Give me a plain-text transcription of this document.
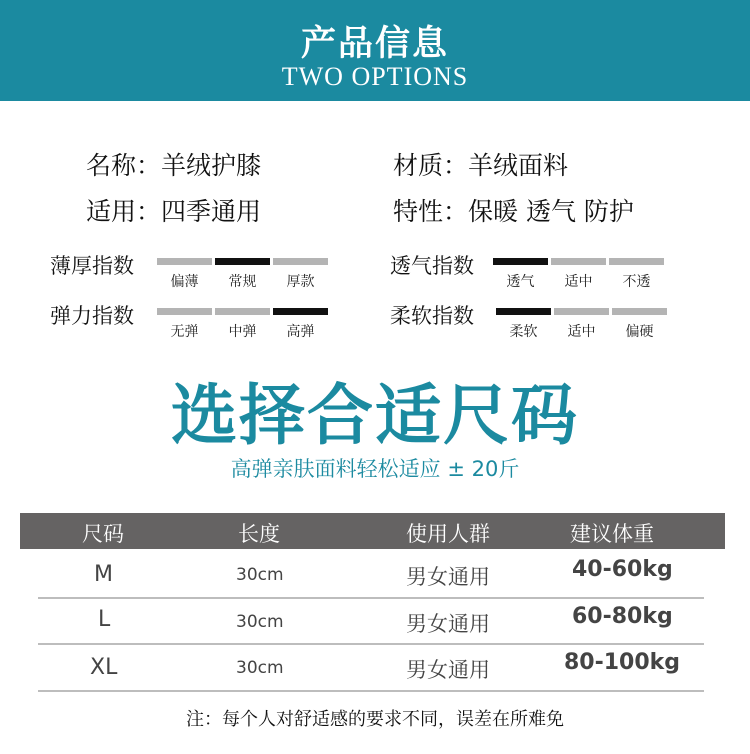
产品信息
TWO OPTIONS
名称：羊绒护膝	材质：羊绒面料
适用：四季通用	特性：保暖 透气 防护
薄厚指数
偏薄	常规	厚款
透气指数
透气	适中	不透
弹力指数
无弹	中弹	高弹
柔软指数
柔软	适中	偏硬
选择合适尺码
高弹亲肤面料轻松适应 ± 20斤
尺码	长度	使用人群	建议体重
M	30cm	男女通用	40-60kg
L	30cm	男女通用	60-80kg
XL	30cm	男女通用	80-100kg
注：每个人对舒适感的要求不同，误差在所难免
